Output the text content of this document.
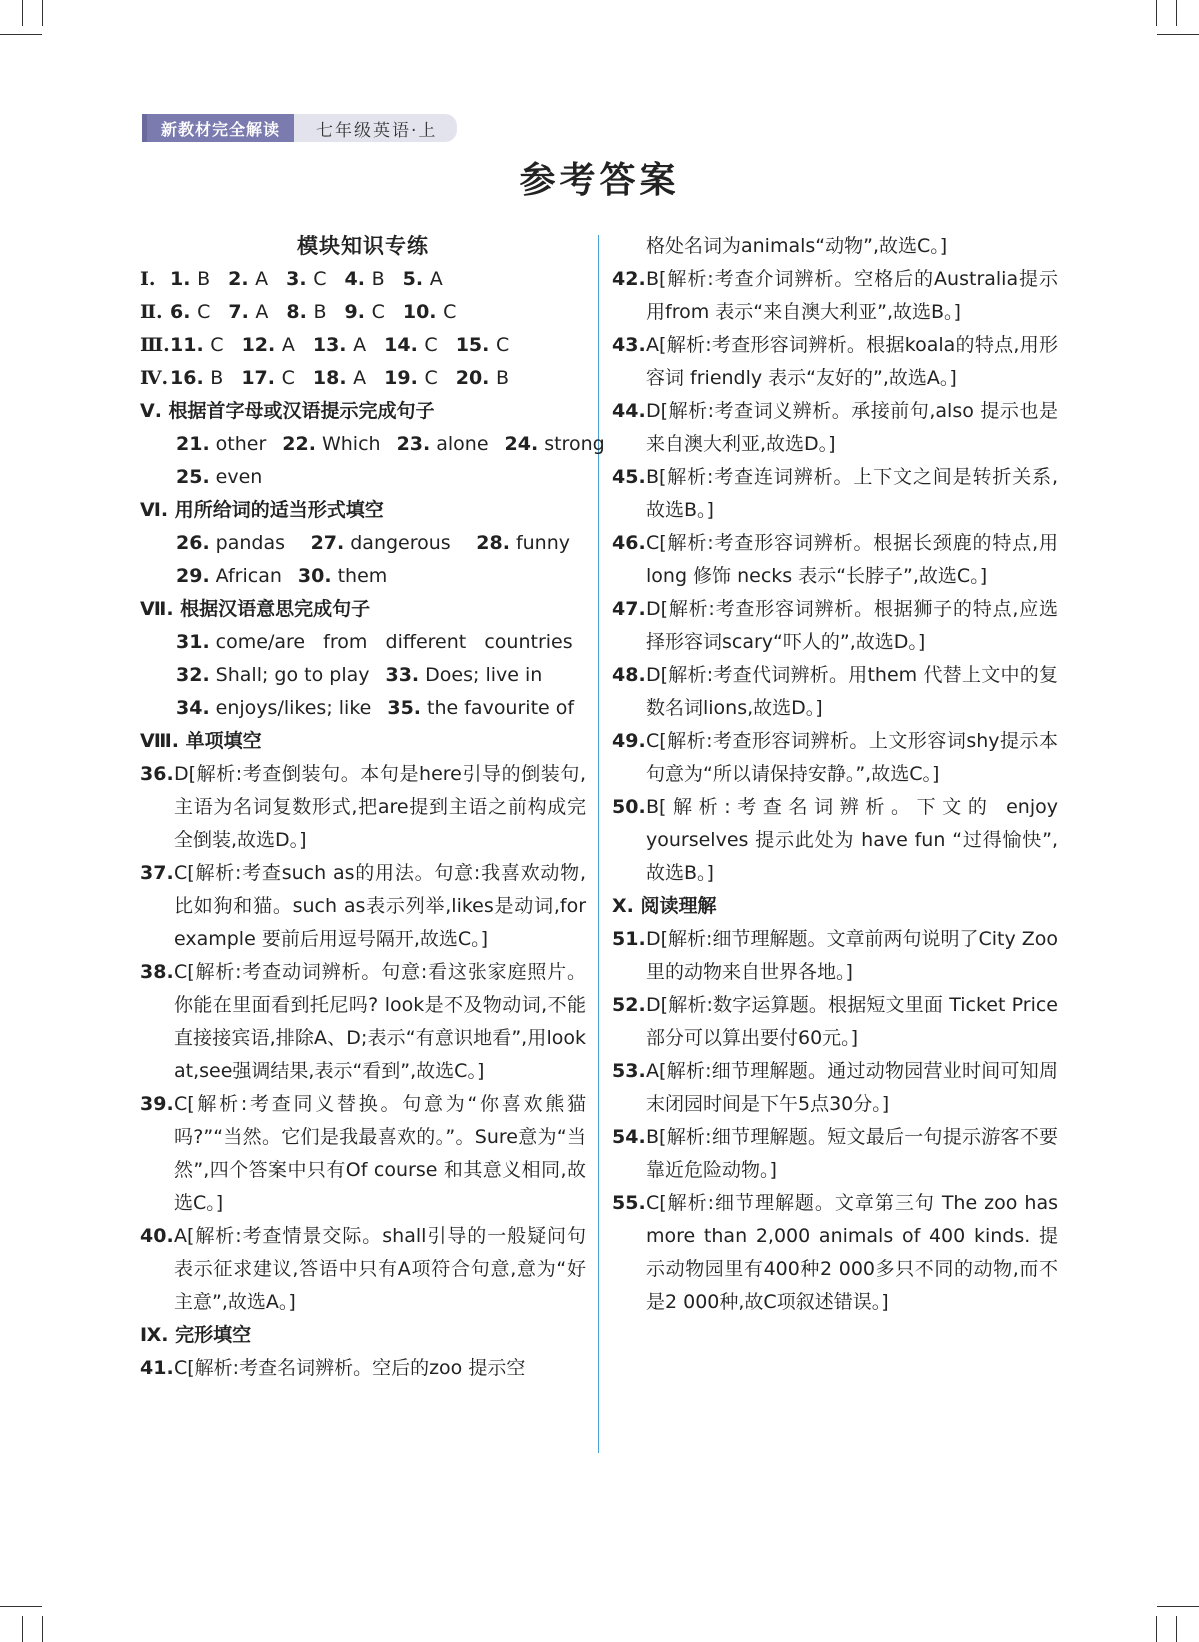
新教材完全解读	七年级英语·上
参考答案
模块知识专练
Ⅰ. 1. B 2. A 3. C 4. B 5. A
Ⅱ. 6. C 7. A 8. B 9. C 10. C
Ⅲ. 11. C 12. A 13. A 14. C 15. C
Ⅳ. 16. B 17. C 18. A 19. C 20. B
Ⅴ. 根据首字母或汉语提示完成句子
21. other 22. Which 23. alone 24. strong
25. even
Ⅵ. 用所给词的适当形式填空
26. pandas 27. dangerous 28. funny
29. African 30. them
Ⅶ. 根据汉语意思完成句子
31. come/are   from   different   countries
32. Shall; go to play 33. Does; live in
34. enjoys/likes; like 35. the favourite of
Ⅷ. 单项填空
36. D[解析:考查倒装句。本句是here引导的倒装句,主语为名词复数形式,把are提到主语之前构成完全倒装,故选D。]
37. C[解析:考查such as的用法。句意:我喜欢动物,比如狗和猫。such as表示列举,likes是动词,for example 要前后用逗号隔开,故选C。]
38. C[解析:考查动词辨析。句意:看这张家庭照片。你能在里面看到托尼吗? look是不及物动词,不能直接接宾语,排除A、D;表示“有意识地看”,用look at,see强调结果,表示“看到”,故选C。]
39. C[解析:考查同义替换。句意为“你喜欢熊猫吗?”“当然。它们是我最喜欢的。”。Sure意为“当然”,四个答案中只有Of course 和其意义相同,故选C。]
40. A[解析:考查情景交际。shall引导的一般疑问句表示征求建议,答语中只有A项符合句意,意为“好主意”,故选A。]
Ⅸ. 完形填空
41. C[解析:考查名词辨析。空后的zoo 提示空
格处名词为animals“动物”,故选C。]
42. B[解析:考查介词辨析。空格后的Australia提示用from 表示“来自澳大利亚”,故选B。]
43. A[解析:考查形容词辨析。根据koala的特点,用形容词 friendly 表示“友好的”,故选A。]
44. D[解析:考查词义辨析。承接前句,also 提示也是来自澳大利亚,故选D。]
45. B[解析:考查连词辨析。上下文之间是转折关系,故选B。]
46. C[解析:考查形容词辨析。根据长颈鹿的特点,用 long 修饰 necks 表示“长脖子”,故选C。]
47. D[解析:考查形容词辨析。根据狮子的特点,应选择形容词scary“吓人的”,故选D。]
48. D[解析:考查代词辨析。用them 代替上文中的复数名词lions,故选D。]
49. C[解析:考查形容词辨析。上文形容词shy提示本句意为“所以请保持安静。”,故选C。]
50. B[解析:考查名词辨析。下文的 enjoy yourselves 提示此处为 have fun “过得愉快”,故选B。]
Ⅹ. 阅读理解
51. D[解析:细节理解题。文章前两句说明了City Zoo里的动物来自世界各地。]
52. D[解析:数字运算题。根据短文里面 Ticket Price部分可以算出要付60元。]
53. A[解析:细节理解题。通过动物园营业时间可知周末闭园时间是下午5点30分。]
54. B[解析:细节理解题。短文最后一句提示游客不要靠近危险动物。]
55. C[解析:细节理解题。文章第三句 The zoo has more than 2,000 animals of 400 kinds. 提示动物园里有400种2 000多只不同的动物,而不是2 000种,故C项叙述错误。]
